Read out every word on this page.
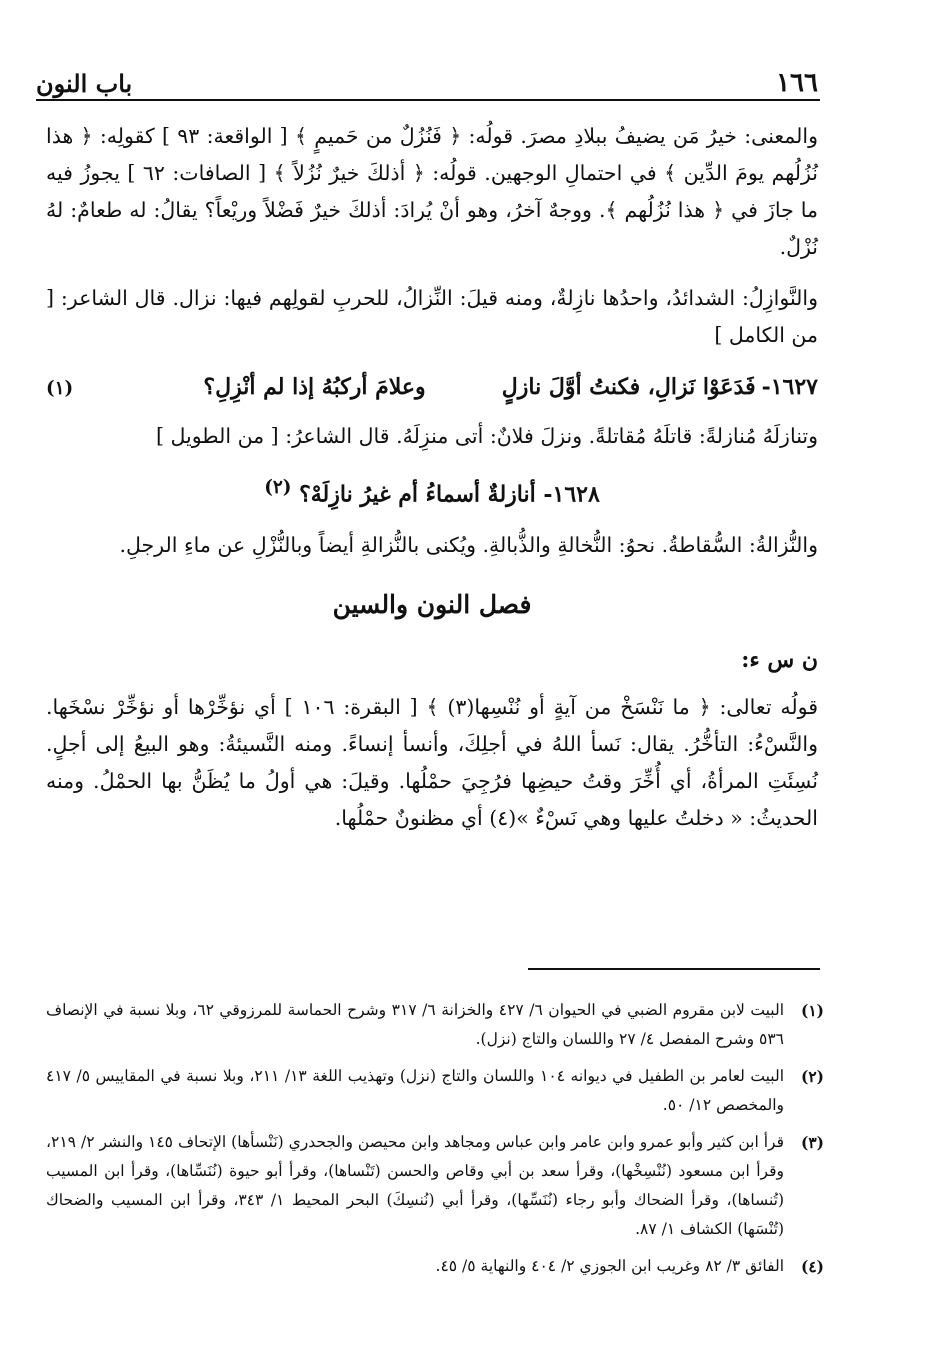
١٦٦
باب النون

والمعنى: خيرُ مَن يضيفُ ببلادِ مصرَ. قولُه: ﴿ فَنُزُلٌ من حَميمٍ ﴾ [ الواقعة: ٩٣ ] كقولِه: ﴿ هذا نُزُلُهم يومَ الدِّين ﴾ في احتمالِ الوجهين. قولُه: ﴿ أذلكَ خيرٌ نُزُلاً ﴾ [ الصافات: ٦٢ ] يجوزُ فيه ما جازَ في ﴿ هذا نُزُلُهم ﴾. ووجهٌ آخرُ، وهو أنْ يُرادَ: أذلكَ خيرٌ فَضْلاً وريْعاً؟ يقالُ: له طعامٌ: لهُ نُزْلٌ.

والنَّوازِلُ: الشدائدُ، واحدُها نازِلةٌ، ومنه قيلَ: النِّزالُ، للحربِ لقولِهم فيها: نزال. قال الشاعر: [ من الكامل ]

١٦٢٧-
فَدَعَوْا نَزالِ، فكنتُ أوَّلَ نازلٍ
وعلامَ أركبُهُ إذا لم أنْزِلِ؟
(١)

وتنازلَهُ مُنازلةً: قاتلَهُ مُقاتلةً. ونزلَ فلانٌ: أتى منزِلَهُ. قال الشاعرُ: [ من الطويل ]

١٦٢٨- أنازلةٌ أسماءُ أم غيرُ نازِلَهْ؟ $^{(٢)}$

والنُّزالةُ: السُّقاطةُ. نحوُ: النُّخالةِ والذُّبالةِ. ويُكنى بالنُّزالةِ أيضاً وبالنُّزْلِ عن ماءِ الرجلِ.

فصل النون والسين
ن س ء:

قولُه تعالى: ﴿ ما نَنْسَخْ من آيةٍ أو نُنْسِها(٣) ﴾ [ البقرة: ١٠٦ ] أي نؤخِّرْها أو نؤخِّرْ نسْخَها. والنَّسْءُ: التأخُّرُ. يقال: نَسأ اللهُ في أجلِكَ، وأنسأ إنساءً. ومنه النَّسيئةُ: وهو البيعُ إلى أجلٍ. نُسِئَتِ المرأةُ، أي أُخِّرَ وقتُ حيضِها فرُجِيَ حمْلُها. وقيلَ: هي أولُ ما يُظَنُّ بها الحمْلُ. ومنه الحديثُ: « دخلتُ عليها وهي نَسْءٌ »(٤) أي مظنونٌ حمْلُها.

(١)
البيت لابن مقروم الضبي في الحيوان ٦/ ٤٢٧ والخزانة ٦/ ٣١٧ وشرح الحماسة للمرزوقي ٦٢، وبلا نسبة في الإنصاف ٥٣٦ وشرح المفصل ٤/ ٢٧ واللسان والتاج (نزل).
(٢)
البيت لعامر بن الطفيل في ديوانه ١٠٤ واللسان والتاج (نزل) وتهذيب اللغة ١٣/ ٢١١، وبلا نسبة في المقاييس ٥/ ٤١٧ والمخصص ١٢/ ٥٠.
(٣)
قرأ ابن كثير وأبو عمرو وابن عامر وابن عباس ومجاهد وابن محيصن والجحدري (نَنْسأها) الإتحاف ١٤٥ والنشر ٢/ ٢١٩، وقرأ ابن مسعود (نُنْسِخْها)، وقرأ سعد بن أبي وقاص والحسن (تَنْساها)، وقرأ أبو حيوة (نُنَسِّاها)، وقرأ ابن المسيب (تُنساها)، وقرأ الضحاك وأبو رجاء (نُنَسِّها)، وقرأ أبي (نُنسِكَ) البحر المحيط ١/ ٣٤٣، وقرأ ابن المسيب والضحاك (تُنْسَها) الكشاف ١/ ٨٧.
(٤)
الفائق ٣/ ٨٢ وغريب ابن الجوزي ٢/ ٤٠٤ والنهاية ٥/ ٤٥.
